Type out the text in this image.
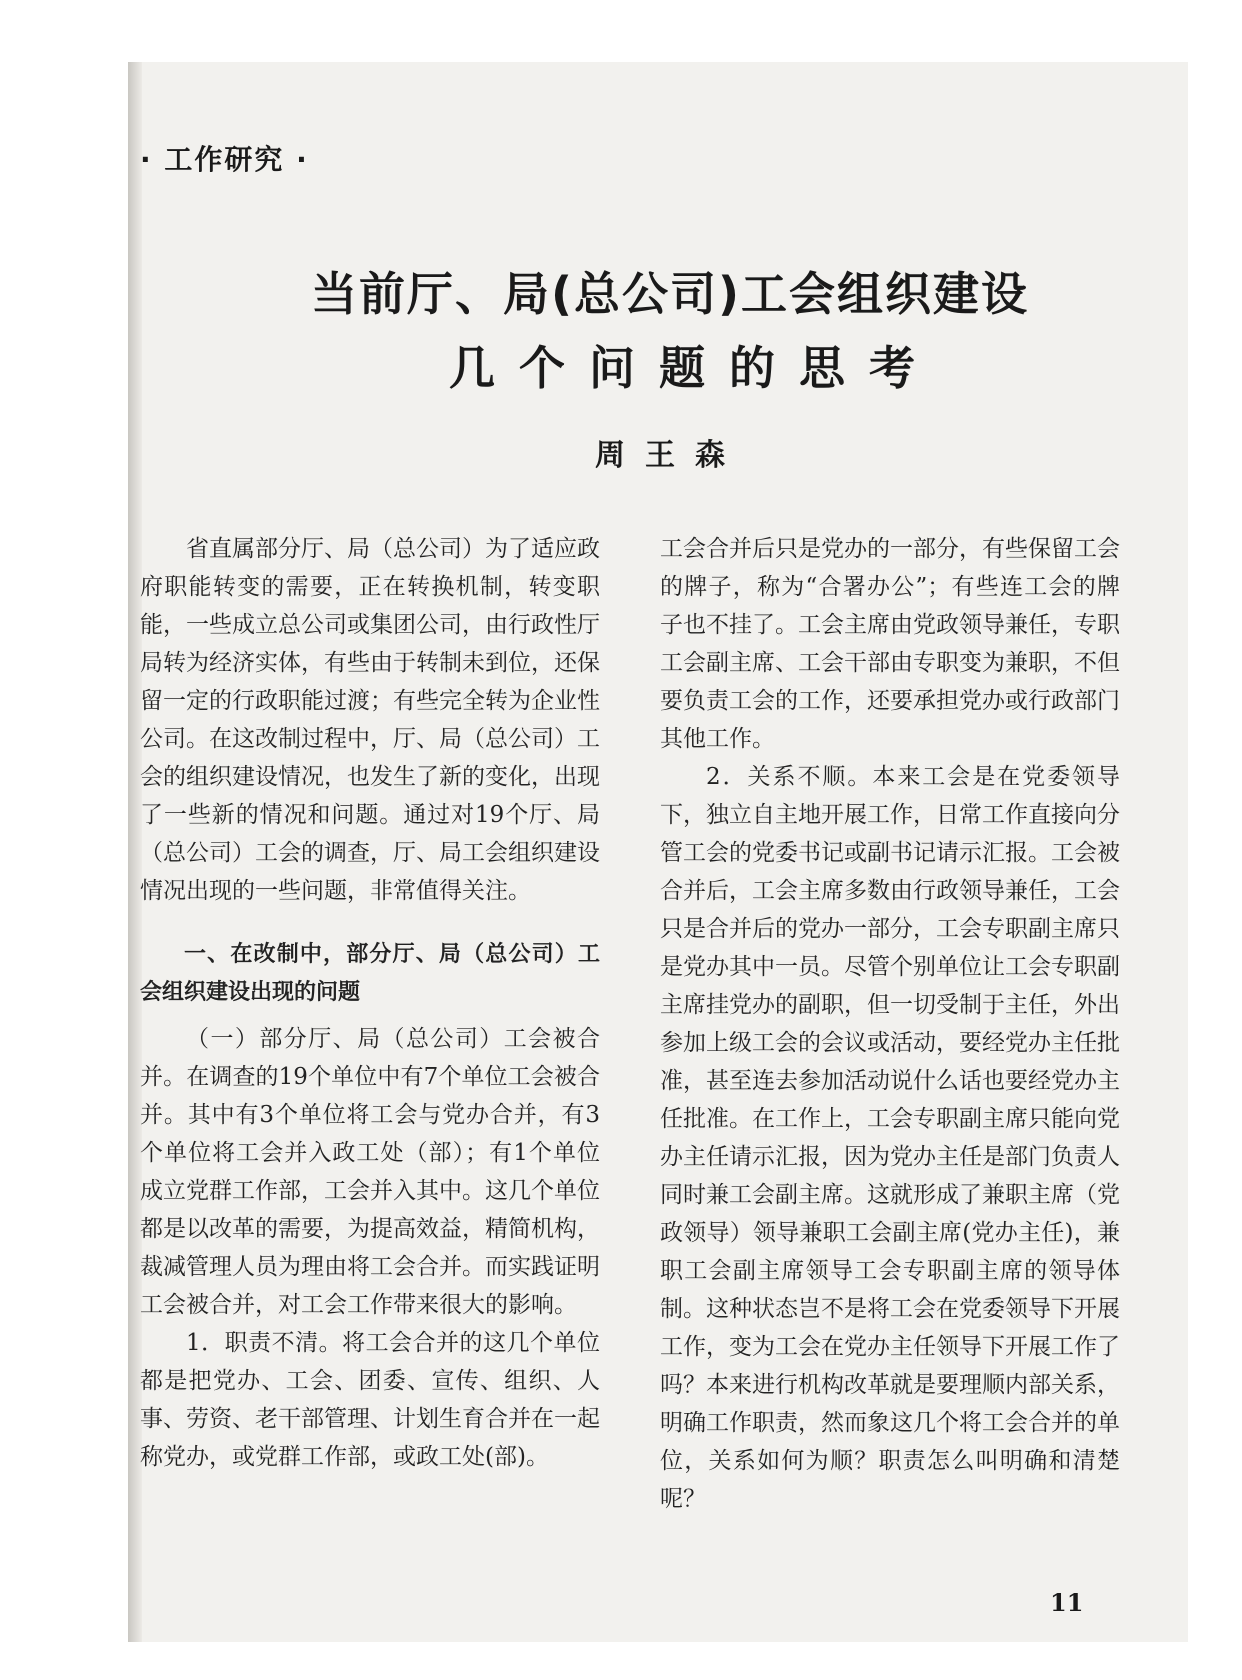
· 工作研究 ·
当前厅、局(总公司)工会组织建设
几个问题的思考
周王森

省直属部分厅、局（总公司）为了适应政府职能转变的需要，正在转换机制，转变职能，一些成立总公司或集团公司，由行政性厅局转为经济实体，有些由于转制未到位，还保留一定的行政职能过渡；有些完全转为企业性公司。在这改制过程中，厅、局（总公司）工会的组织建设情况，也发生了新的变化，出现了一些新的情况和问题。通过对19个厅、局（总公司）工会的调查，厅、局工会组织建设情况出现的一些问题，非常值得关注。

一、在改制中，部分厅、局（总公司）工会组织建设出现的问题

（一）部分厅、局（总公司）工会被合并。在调查的19个单位中有7个单位工会被合并。其中有3个单位将工会与党办合并，有3个单位将工会并入政工处（部）；有1个单位成立党群工作部，工会并入其中。这几个单位都是以改革的需要，为提高效益，精简机构，裁减管理人员为理由将工会合并。而实践证明工会被合并，对工会工作带来很大的影响。

1．职责不清。将工会合并的这几个单位都是把党办、工会、团委、宣传、组织、人事、劳资、老干部管理、计划生育合并在一起称党办，或党群工作部，或政工处(部)。

工会合并后只是党办的一部分，有些保留工会的牌子，称为“合署办公”；有些连工会的牌子也不挂了。工会主席由党政领导兼任，专职工会副主席、工会干部由专职变为兼职，不但要负责工会的工作，还要承担党办或行政部门其他工作。

2．关系不顺。本来工会是在党委领导下，独立自主地开展工作，日常工作直接向分管工会的党委书记或副书记请示汇报。工会被合并后，工会主席多数由行政领导兼任，工会只是合并后的党办一部分，工会专职副主席只是党办其中一员。尽管个别单位让工会专职副主席挂党办的副职，但一切受制于主任，外出参加上级工会的会议或活动，要经党办主任批准，甚至连去参加活动说什么话也要经党办主任批准。在工作上，工会专职副主席只能向党办主任请示汇报，因为党办主任是部门负责人同时兼工会副主席。这就形成了兼职主席（党政领导）领导兼职工会副主席(党办主任)，兼职工会副主席领导工会专职副主席的领导体制。这种状态岂不是将工会在党委领导下开展工作，变为工会在党办主任领导下开展工作了吗？本来进行机构改革就是要理顺内部关系，明确工作职责，然而象这几个将工会合并的单位，关系如何为顺？职责怎么叫明确和清楚呢？

11
